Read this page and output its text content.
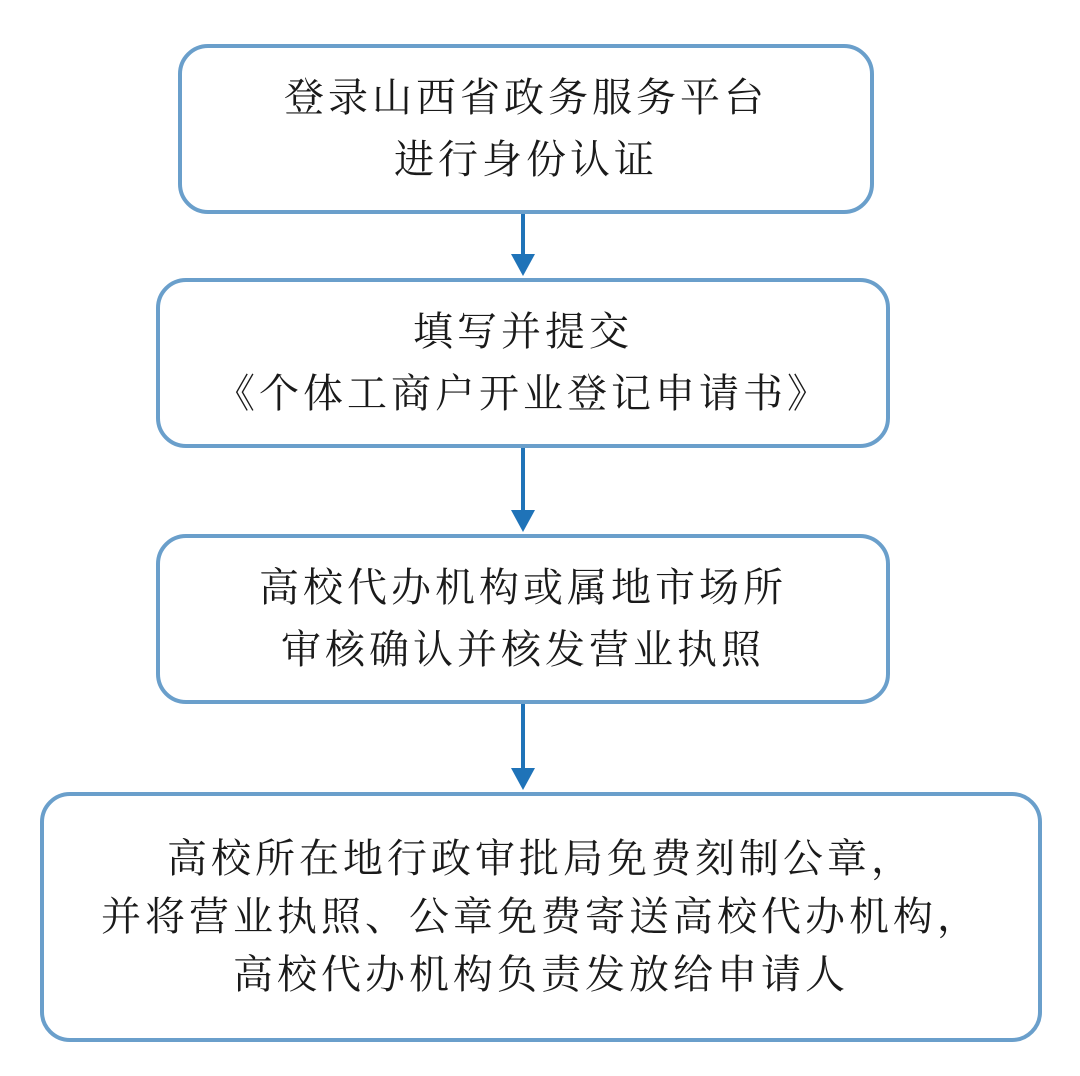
登录山西省政务服务平台
进行身份认证
填写并提交
《个体工商户开业登记申请书》
高校代办机构或属地市场所
审核确认并核发营业执照
高校所在地行政审批局免费刻制公章，
并将营业执照、公章免费寄送高校代办机构，
高校代办机构负责发放给申请人
